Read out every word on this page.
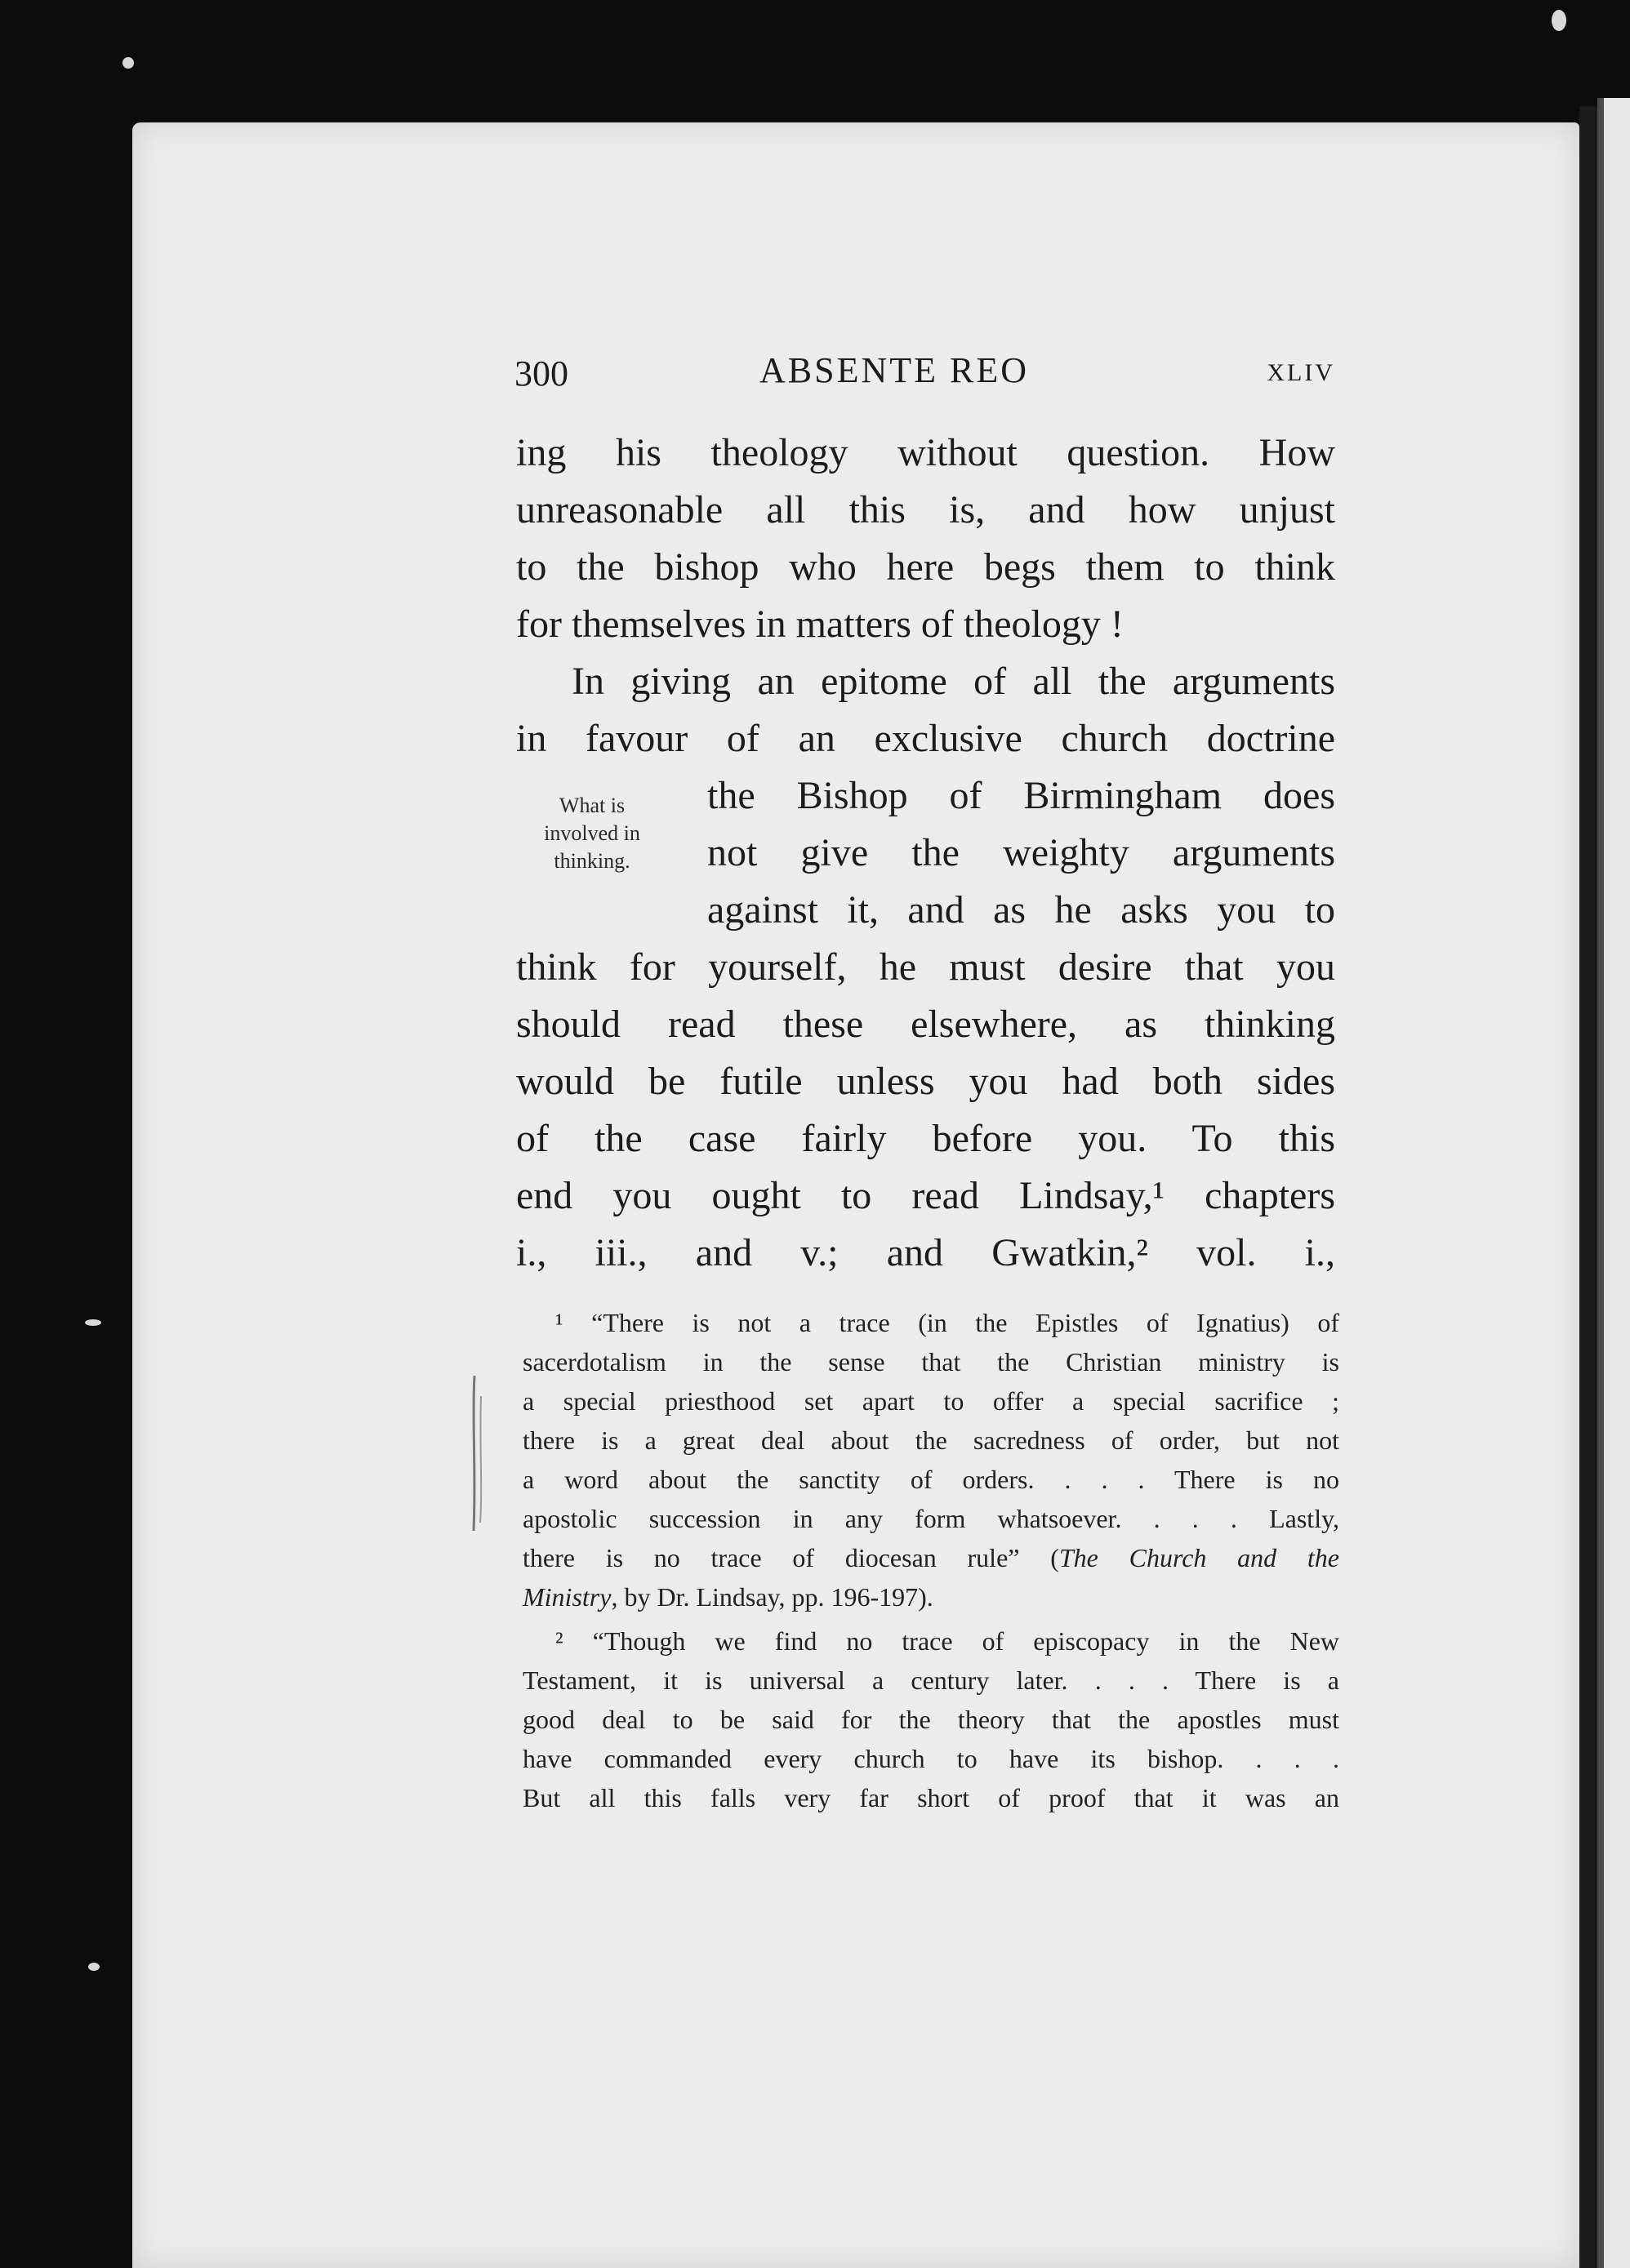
300	ABSENTE REO	XLIV
ing his theology without question. How
unreasonable all this is, and how unjust
to the bishop who here begs them to think
for themselves in matters of theology !
In giving an epitome of all the arguments
in favour of an exclusive church doctrine
the Bishop of Birmingham does
not give the weighty arguments
against it, and as he asks you to
think for yourself, he must desire that you
should read these elsewhere, as thinking
would be futile unless you had both sides
of the case fairly before you. To this
end you ought to read Lindsay,¹ chapters
i., iii., and v.; and Gwatkin,² vol. i.,
What is
involved in
thinking.
¹ “There is not a trace (in the Epistles of Ignatius) of
sacerdotalism in the sense that the Christian ministry is
a special priesthood set apart to offer a special sacrifice ;
there is a great deal about the sacredness of order, but not
a word about the sanctity of orders. . . . There is no
apostolic succession in any form whatsoever. . . . Lastly,
there is no trace of diocesan rule” (The Church and the
Ministry, by Dr. Lindsay, pp. 196-197).
² “Though we find no trace of episcopacy in the New
Testament, it is universal a century later. . . . There is a
good deal to be said for the theory that the apostles must
have commanded every church to have its bishop. . . .
But all this falls very far short of proof that it was an
